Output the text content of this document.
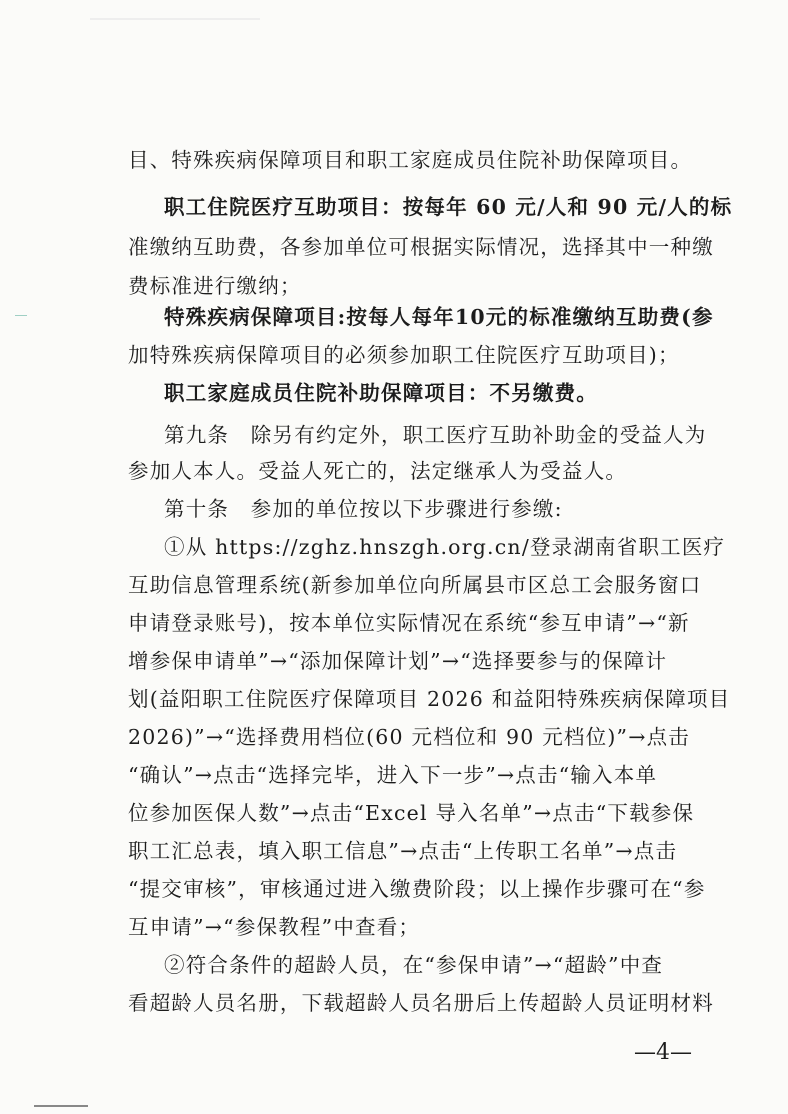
目、特殊疾病保障项目和职工家庭成员住院补助保障项目。
职工住院医疗互助项目：按每年 60 元/人和 90 元/人的标
准缴纳互助费，各参加单位可根据实际情况，选择其中一种缴
费标准进行缴纳；
特殊疾病保障项目:按每人每年10元的标准缴纳互助费(参
加特殊疾病保障项目的必须参加职工住院医疗互助项目)；
职工家庭成员住院补助保障项目：不另缴费。
第九条　除另有约定外，职工医疗互助补助金的受益人为
参加人本人。受益人死亡的，法定继承人为受益人。
第十条　参加的单位按以下步骤进行参缴:
①从 https://zghz.hnszgh.org.cn/登录湖南省职工医疗
互助信息管理系统(新参加单位向所属县市区总工会服务窗口
申请登录账号)，按本单位实际情况在系统“参互申请”→“新
增参保申请单”→“添加保障计划”→“选择要参与的保障计
划(益阳职工住院医疗保障项目 2026 和益阳特殊疾病保障项目
2026)”→“选择费用档位(60 元档位和 90 元档位)”→点击
“确认”→点击“选择完毕，进入下一步”→点击“输入本单
位参加医保人数”→点击“Excel 导入名单”→点击“下载参保
职工汇总表，填入职工信息”→点击“上传职工名单”→点击
“提交审核”，审核通过进入缴费阶段；以上操作步骤可在“参
互申请”→“参保教程”中查看；
②符合条件的超龄人员，在“参保申请”→“超龄”中查
看超龄人员名册，下载超龄人员名册后上传超龄人员证明材料
—4—
